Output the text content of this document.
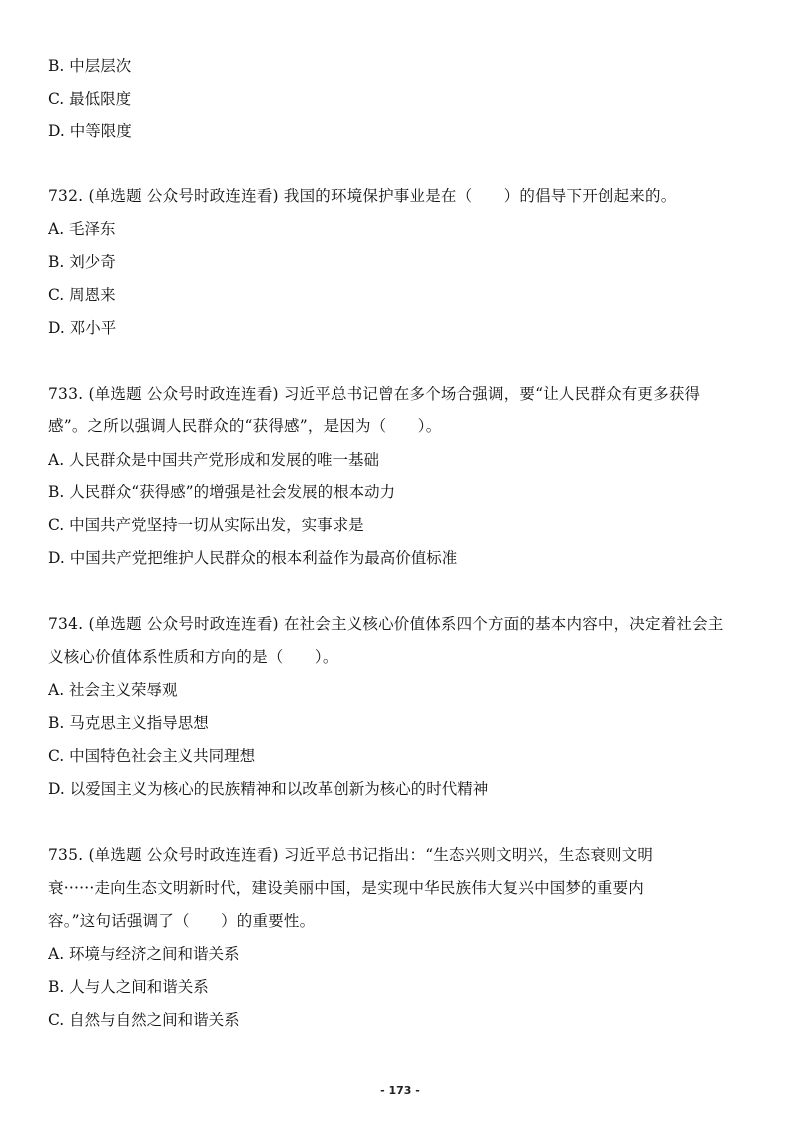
B. 中层层次
C. 最低限度
D. 中等限度
732. (单选题 公众号时政连连看) 我国的环境保护事业是在（　　）的倡导下开创起来的。
A. 毛泽东
B. 刘少奇
C. 周恩来
D. 邓小平
733. (单选题 公众号时政连连看) 习近平总书记曾在多个场合强调，要“让人民群众有更多获得
感”。之所以强调人民群众的“获得感”，是因为（　　）。
A. 人民群众是中国共产党形成和发展的唯一基础
B. 人民群众“获得感”的增强是社会发展的根本动力
C. 中国共产党坚持一切从实际出发，实事求是
D. 中国共产党把维护人民群众的根本利益作为最高价值标准
734. (单选题 公众号时政连连看) 在社会主义核心价值体系四个方面的基本内容中，决定着社会主
义核心价值体系性质和方向的是（　　）。
A. 社会主义荣辱观
B. 马克思主义指导思想
C. 中国特色社会主义共同理想
D. 以爱国主义为核心的民族精神和以改革创新为核心的时代精神
735. (单选题 公众号时政连连看) 习近平总书记指出：“生态兴则文明兴，生态衰则文明
衰······走向生态文明新时代，建设美丽中国，是实现中华民族伟大复兴中国梦的重要内
容。”这句话强调了（　　）的重要性。
A. 环境与经济之间和谐关系
B. 人与人之间和谐关系
C. 自然与自然之间和谐关系
- 173 -
